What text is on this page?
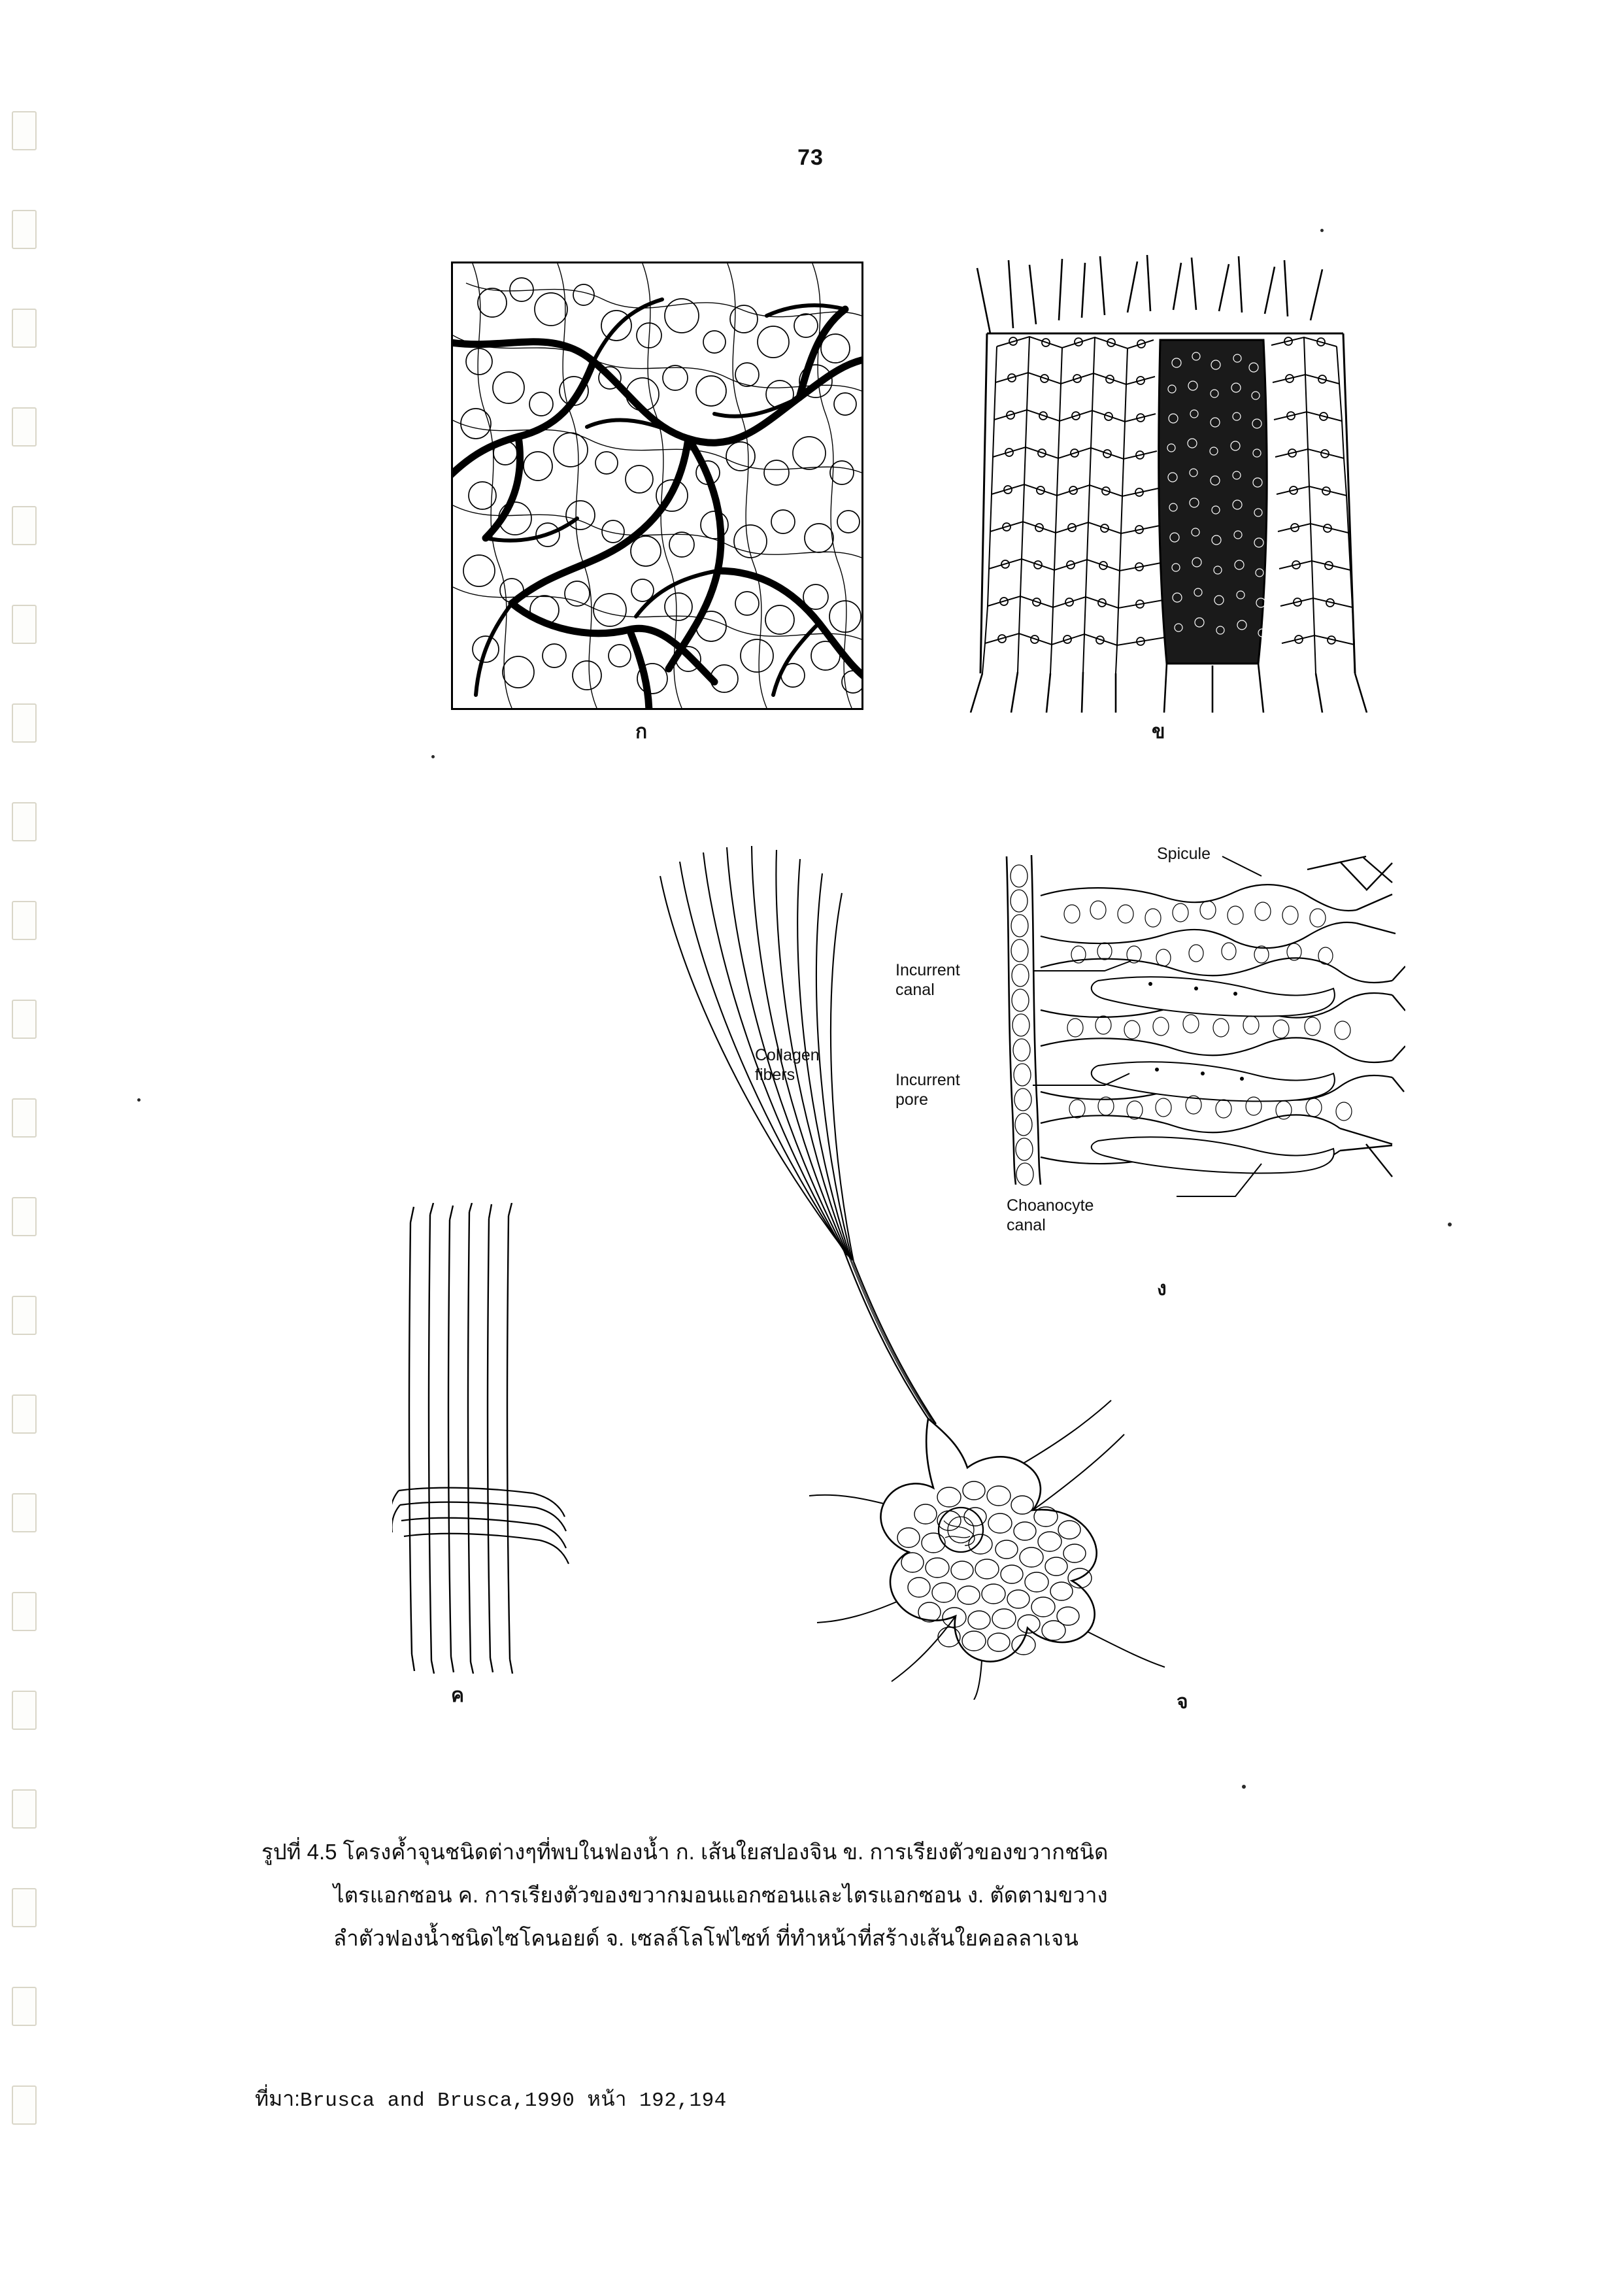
73
ก	ข
Spicule
Incurrent
canal
Incurrent
pore
Choanocyte
canal
ง
ค
Collagen
fibers
จ
รูปที่ 4.5 โครงค้ำจุนชนิดต่างๆที่พบในฟองน้ำ ก. เส้นใยสปองจิน ข. การเรียงตัวของขวากชนิด
ไตรแอกซอน ค. การเรียงตัวของขวากมอนแอกซอนและไตรแอกซอน ง. ตัดตามขวาง
ลำตัวฟองน้ำชนิดไซโคนอยด์ จ. เซลล์โลโฟไซท์ ที่ทำหน้าที่สร้างเส้นใยคอลลาเจน
ที่มา:Brusca and Brusca,1990 หน้า 192,194
